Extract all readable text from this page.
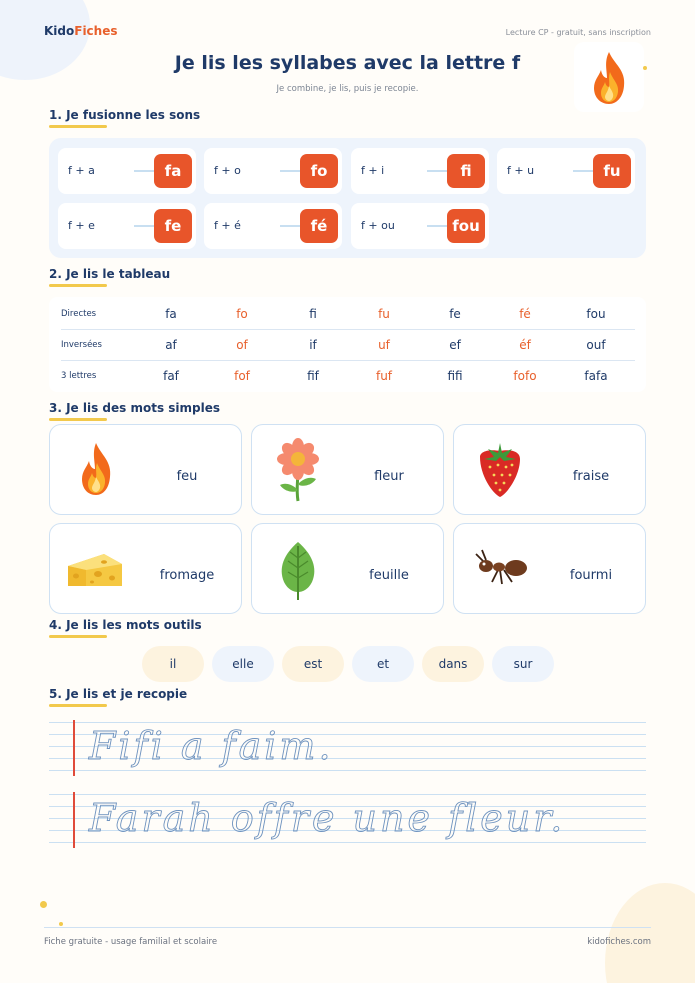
KidoFiches	Lecture CP - gratuit, sans inscription
Je lis les syllabes avec la lettre f
Je combine, je lis, puis je recopie.
1. Je fusionne les sons
f + a	fa	f + o	fo	f + i	fi	f + u	fu
f + e	fe	f + é	fé	f + ou	fou
2. Je lis le tableau
Directes	fa	fo	fi	fu	fe	fé	fou
Inversées	af	of	if	uf	ef	éf	ouf
3 lettres	faf	fof	fif	fuf	fifi	fofo	fafa
3. Je lis des mots simples
feu	fleur	fraise
fromage	feuille	fourmi
4. Je lis les mots outils
il	elle	est	et	dans	sur
5. Je lis et je recopie
Fifi a faim.
Farah offre une fleur.
Fiche gratuite - usage familial et scolaire	kidofiches.com
